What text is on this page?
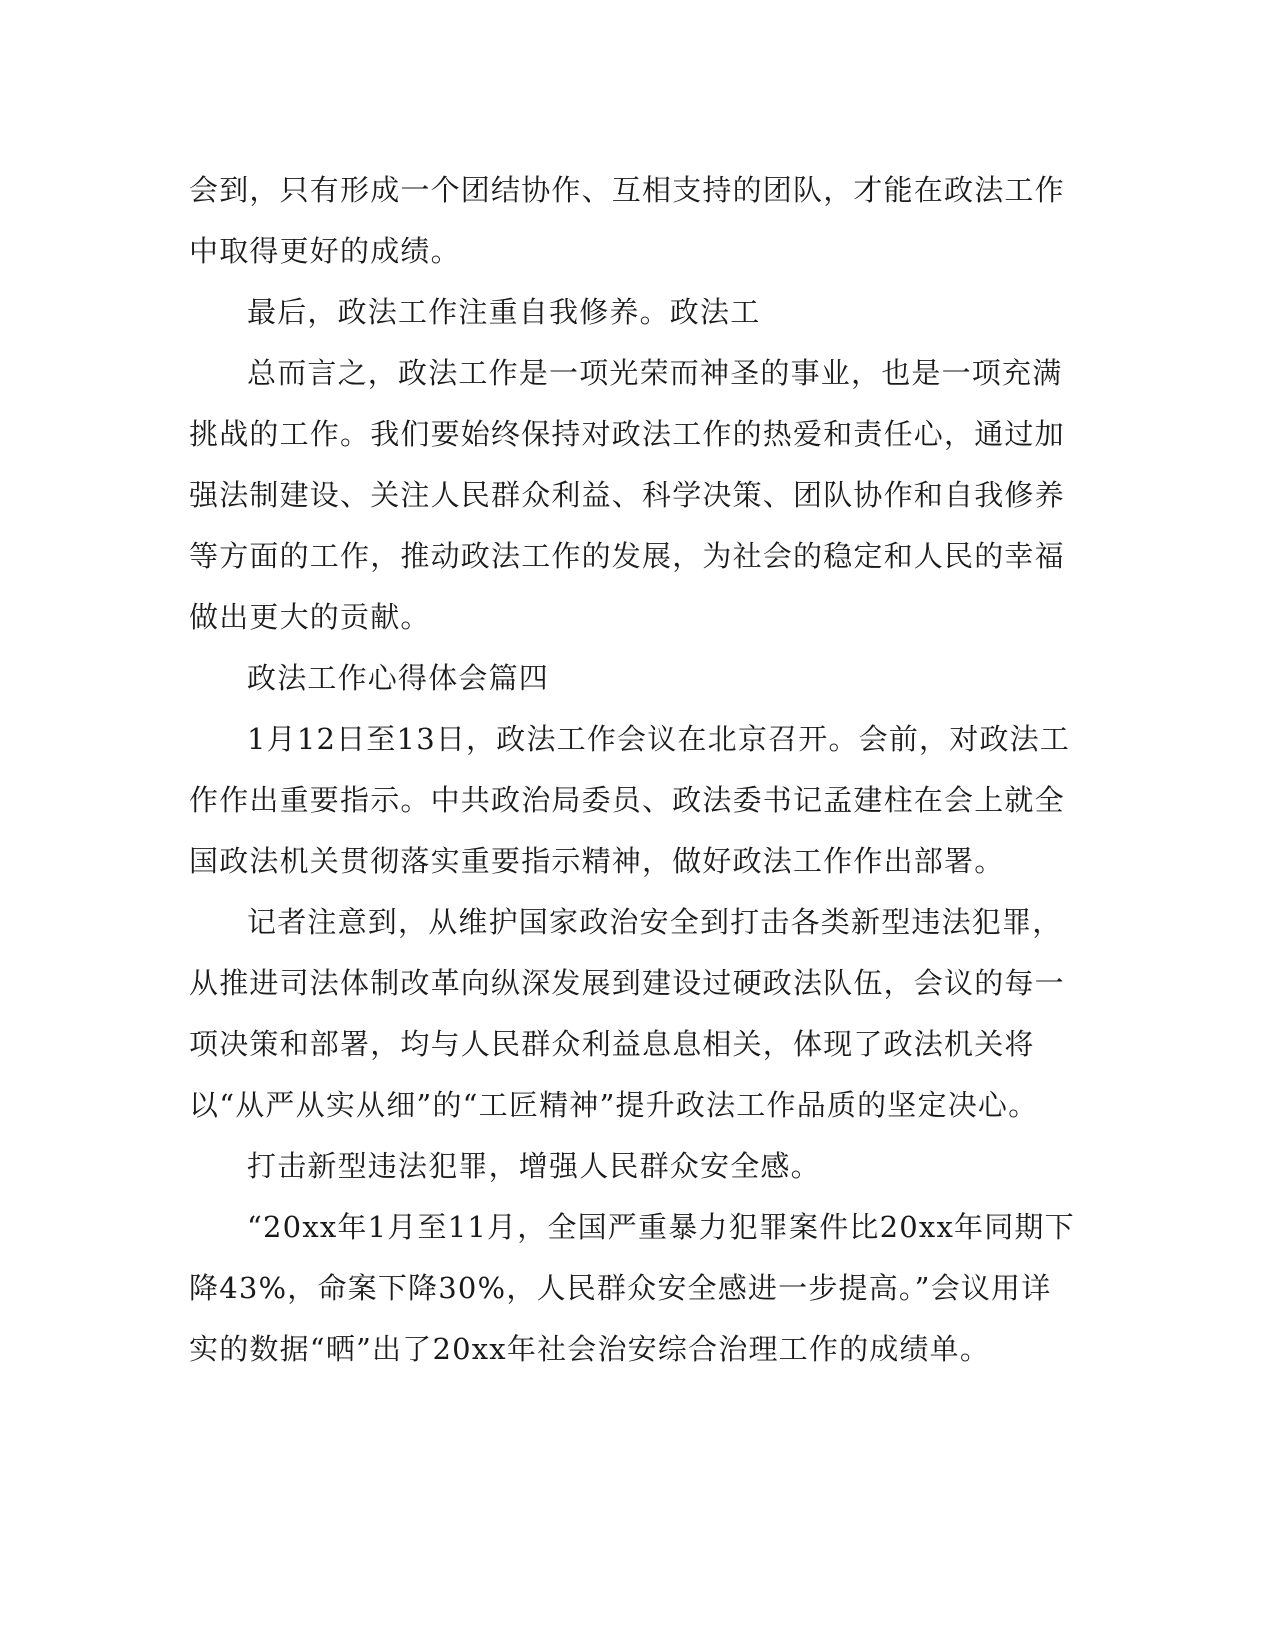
会到，只有形成一个团结协作、互相支持的团队，才能在政法工作中取得更好的成绩。

最后，政法工作注重自我修养。政法工

总而言之，政法工作是一项光荣而神圣的事业，也是一项充满挑战的工作。我们要始终保持对政法工作的热爱和责任心，通过加强法制建设、关注人民群众利益、科学决策、团队协作和自我修养等方面的工作，推动政法工作的发展，为社会的稳定和人民的幸福做出更大的贡献。

政法工作心得体会篇四

1月12日至13日，政法工作会议在北京召开。会前，对政法工作作出重要指示。中共政治局委员、政法委书记孟建柱在会上就全国政法机关贯彻落实重要指示精神，做好政法工作作出部署。

记者注意到，从维护国家政治安全到打击各类新型违法犯罪，从推进司法体制改革向纵深发展到建设过硬政法队伍，会议的每一项决策和部署，均与人民群众利益息息相关，体现了政法机关将以“从严从实从细”的“工匠精神”提升政法工作品质的坚定决心。

打击新型违法犯罪，增强人民群众安全感。

“20xx年1月至11月，全国严重暴力犯罪案件比20xx年同期下降43%，命案下降30%，人民群众安全感进一步提高。”会议用详实的数据“晒”出了20xx年社会治安综合治理工作的成绩单。
